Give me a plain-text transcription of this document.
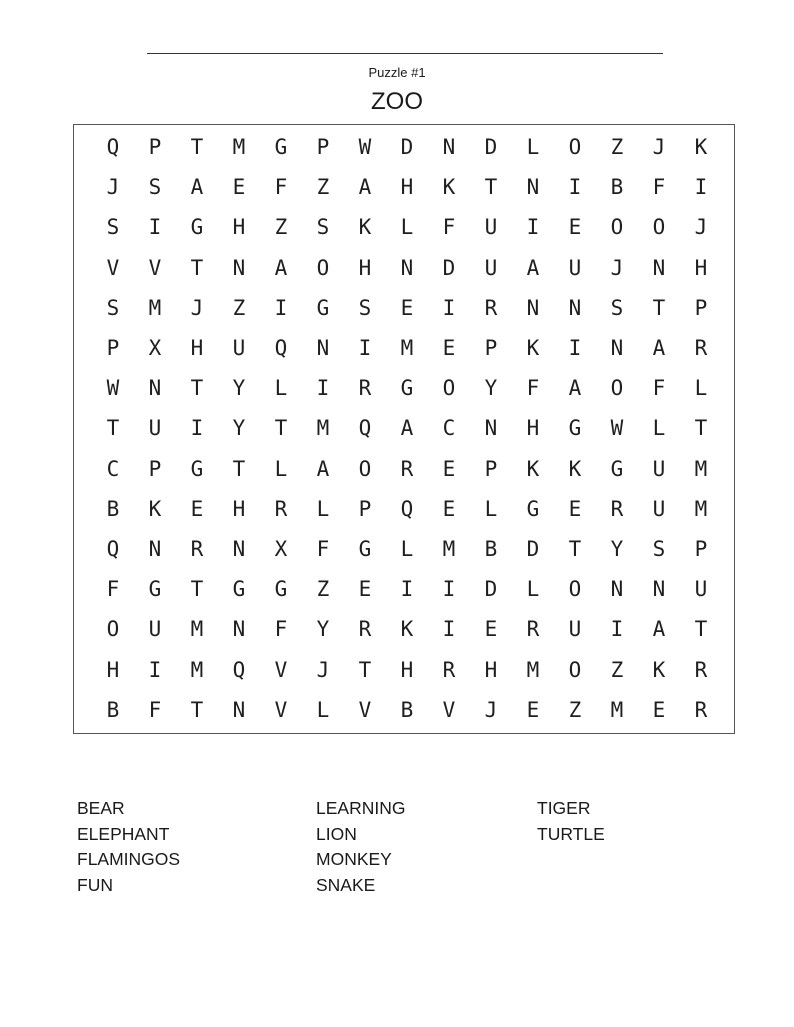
Puzzle #1
ZOO
Q	P	T	M	G	P	W	D	N	D	L	O	Z	J	K
J	S	A	E	F	Z	A	H	K	T	N	I	B	F	I
S	I	G	H	Z	S	K	L	F	U	I	E	O	O	J
V	V	T	N	A	O	H	N	D	U	A	U	J	N	H
S	M	J	Z	I	G	S	E	I	R	N	N	S	T	P
P	X	H	U	Q	N	I	M	E	P	K	I	N	A	R
W	N	T	Y	L	I	R	G	O	Y	F	A	O	F	L
T	U	I	Y	T	M	Q	A	C	N	H	G	W	L	T
C	P	G	T	L	A	O	R	E	P	K	K	G	U	M
B	K	E	H	R	L	P	Q	E	L	G	E	R	U	M
Q	N	R	N	X	F	G	L	M	B	D	T	Y	S	P
F	G	T	G	G	Z	E	I	I	D	L	O	N	N	U
O	U	M	N	F	Y	R	K	I	E	R	U	I	A	T
H	I	M	Q	V	J	T	H	R	H	M	O	Z	K	R
B	F	T	N	V	L	V	B	V	J	E	Z	M	E	R
BEAR
ELEPHANT
FLAMINGOS
FUN
LEARNING
LION
MONKEY
SNAKE
TIGER
TURTLE
